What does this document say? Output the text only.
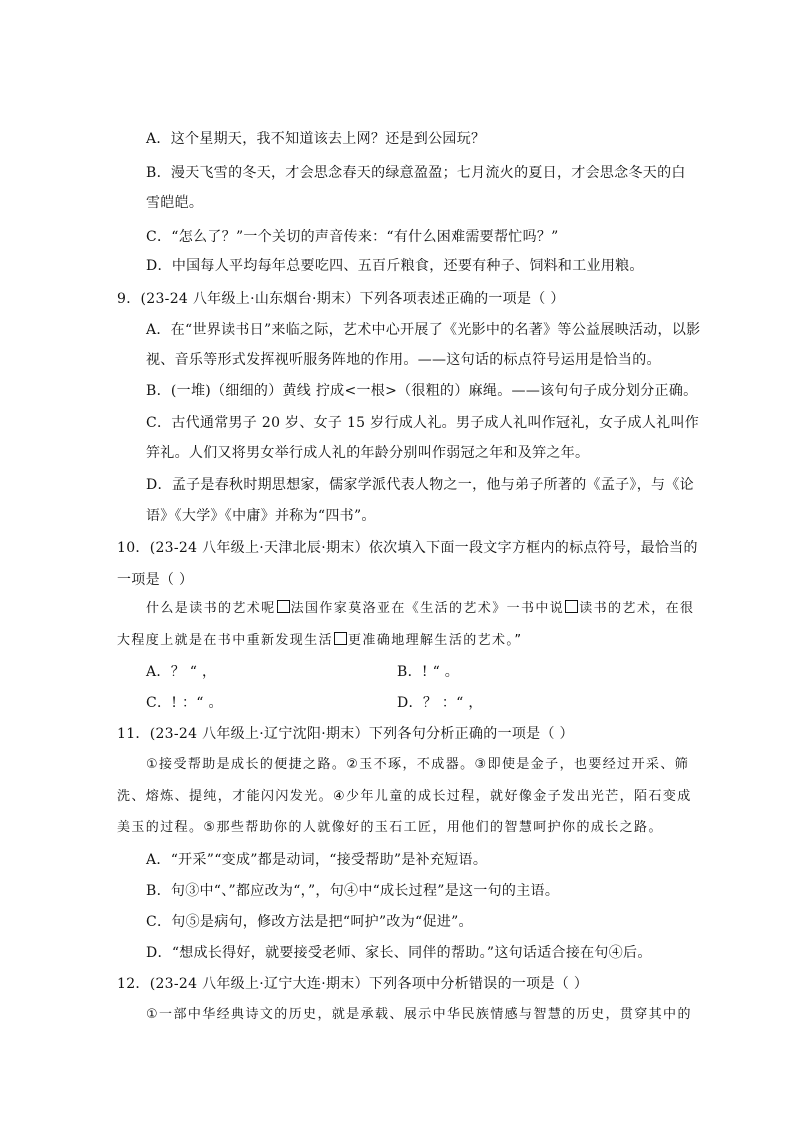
A．这个星期天，我不知道该去上网？还是到公园玩？
B．漫天飞雪的冬天，才会思念春天的绿意盈盈；七月流火的夏日，才会思念冬天的白
雪皑皑。
C．“怎么了？”一个关切的声音传来：“有什么困难需要帮忙吗？”
D．中国每人平均每年总要吃四、五百斤粮食，还要有种子、饲料和工业用粮。
9．(23-24 八年级上·山东烟台·期末）下列各项表述正确的一项是（ ）
A．在“世界读书日”来临之际，艺术中心开展了《光影中的名著》等公益展映活动，以影
视、音乐等形式发挥视听服务阵地的作用。——这句话的标点符号运用是恰当的。
B．(一堆)（细细的）黄线 拧成<一根>（很粗的）麻绳。——该句句子成分划分正确。
C．古代通常男子 20 岁、女子 15 岁行成人礼。男子成人礼叫作冠礼，女子成人礼叫作
笄礼。人们又将男女举行成人礼的年龄分别叫作弱冠之年和及笄之年。
D．孟子是春秋时期思想家，儒家学派代表人物之一，他与弟子所著的《孟子》，与《论
语》《大学》《中庸》并称为“四书”。
10．(23-24 八年级上·天津北辰·期末）依次填入下面一段文字方框内的标点符号，最恰当的
一项是（ ）
什么是读书的艺术呢 法国作家莫洛亚在《生活的艺术》一书中说 读书的艺术，在很
大程度上就是在书中重新发现生活 更准确地理解生活的艺术。”
A．？ “ ，	B．! “ 。
C．! ：“ 。	D．？ ：“ ，
11．(23-24 八年级上·辽宁沈阳·期末）下列各句分析正确的一项是（ ）
①接受帮助是成长的便捷之路。②玉不琢，不成器。③即使是金子，也要经过开采、筛
洗、熔炼、提纯，才能闪闪发光。④少年儿童的成长过程，就好像金子发出光芒，陌石变成
美玉的过程。⑤那些帮助你的人就像好的玉石工匠，用他们的智慧呵护你的成长之路。
A．“开采”“变成”都是动词，“接受帮助”是补充短语。
B．句③中“、”都应改为“，”，句④中“成长过程”是这一句的主语。
C．句⑤是病句，修改方法是把“呵护”改为“促进”。
D．“想成长得好，就要接受老师、家长、同伴的帮助。”这句话适合接在句④后。
12．(23-24 八年级上·辽宁大连·期末）下列各项中分析错误的一项是（ ）
①一部中华经典诗文的历史，就是承载、展示中华民族情感与智慧的历史，贯穿其中的
